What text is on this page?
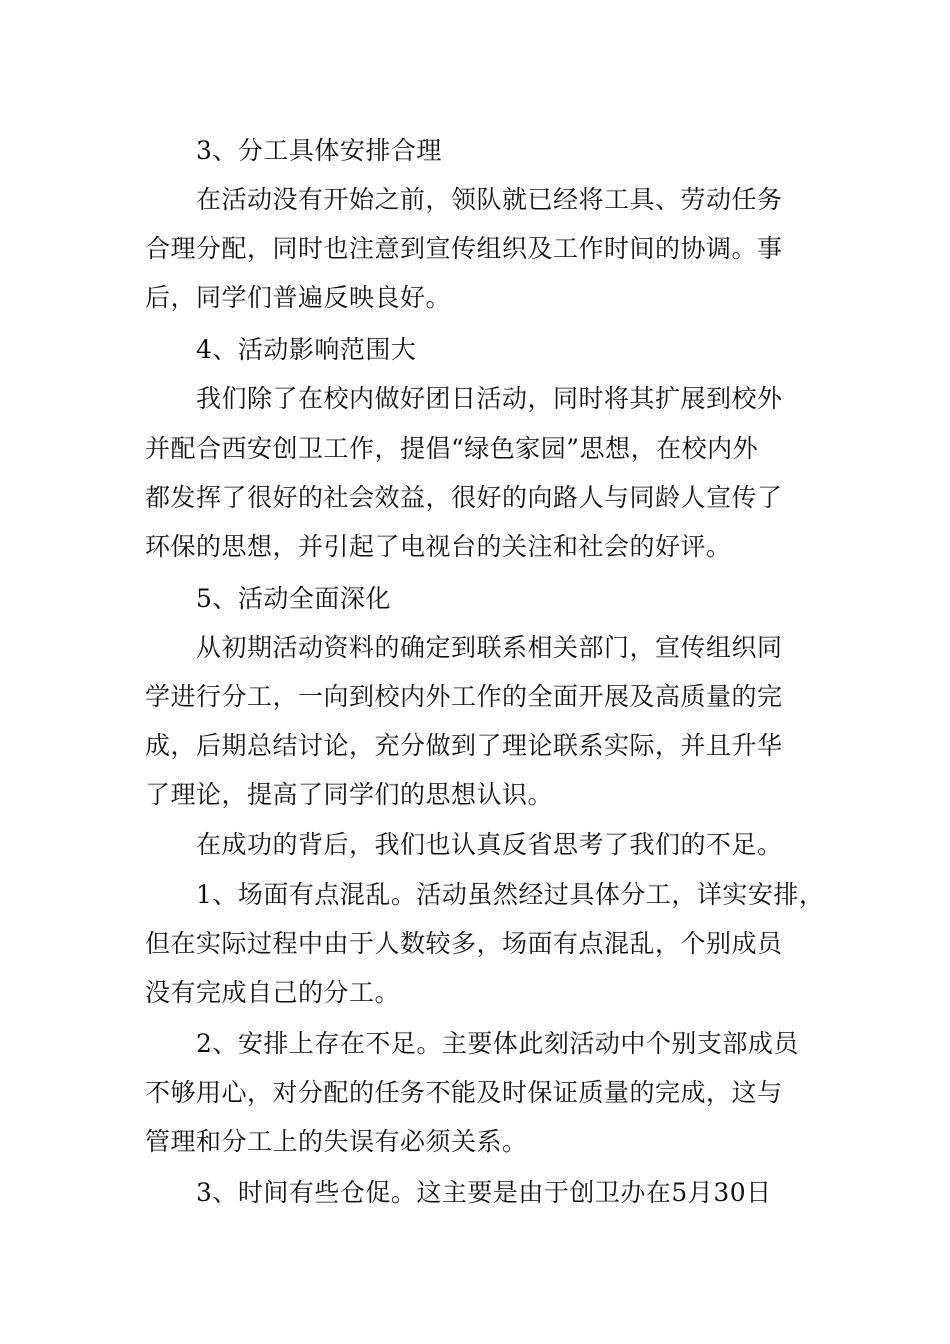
3、分工具体安排合理
在活动没有开始之前，领队就已经将工具、劳动任务
合理分配，同时也注意到宣传组织及工作时间的协调。事
后，同学们普遍反映良好。
4、活动影响范围大
我们除了在校内做好团日活动，同时将其扩展到校外
并配合西安创卫工作，提倡“绿色家园”思想，在校内外
都发挥了很好的社会效益，很好的向路人与同龄人宣传了
环保的思想，并引起了电视台的关注和社会的好评。
5、活动全面深化
从初期活动资料的确定到联系相关部门，宣传组织同
学进行分工，一向到校内外工作的全面开展及高质量的完
成，后期总结讨论，充分做到了理论联系实际，并且升华
了理论，提高了同学们的思想认识。
在成功的背后，我们也认真反省思考了我们的不足。
1、场面有点混乱。活动虽然经过具体分工，详实安排，
但在实际过程中由于人数较多，场面有点混乱，个别成员
没有完成自己的分工。
2、安排上存在不足。主要体此刻活动中个别支部成员
不够用心，对分配的任务不能及时保证质量的完成，这与
管理和分工上的失误有必须关系。
3、时间有些仓促。这主要是由于创卫办在5月30日
